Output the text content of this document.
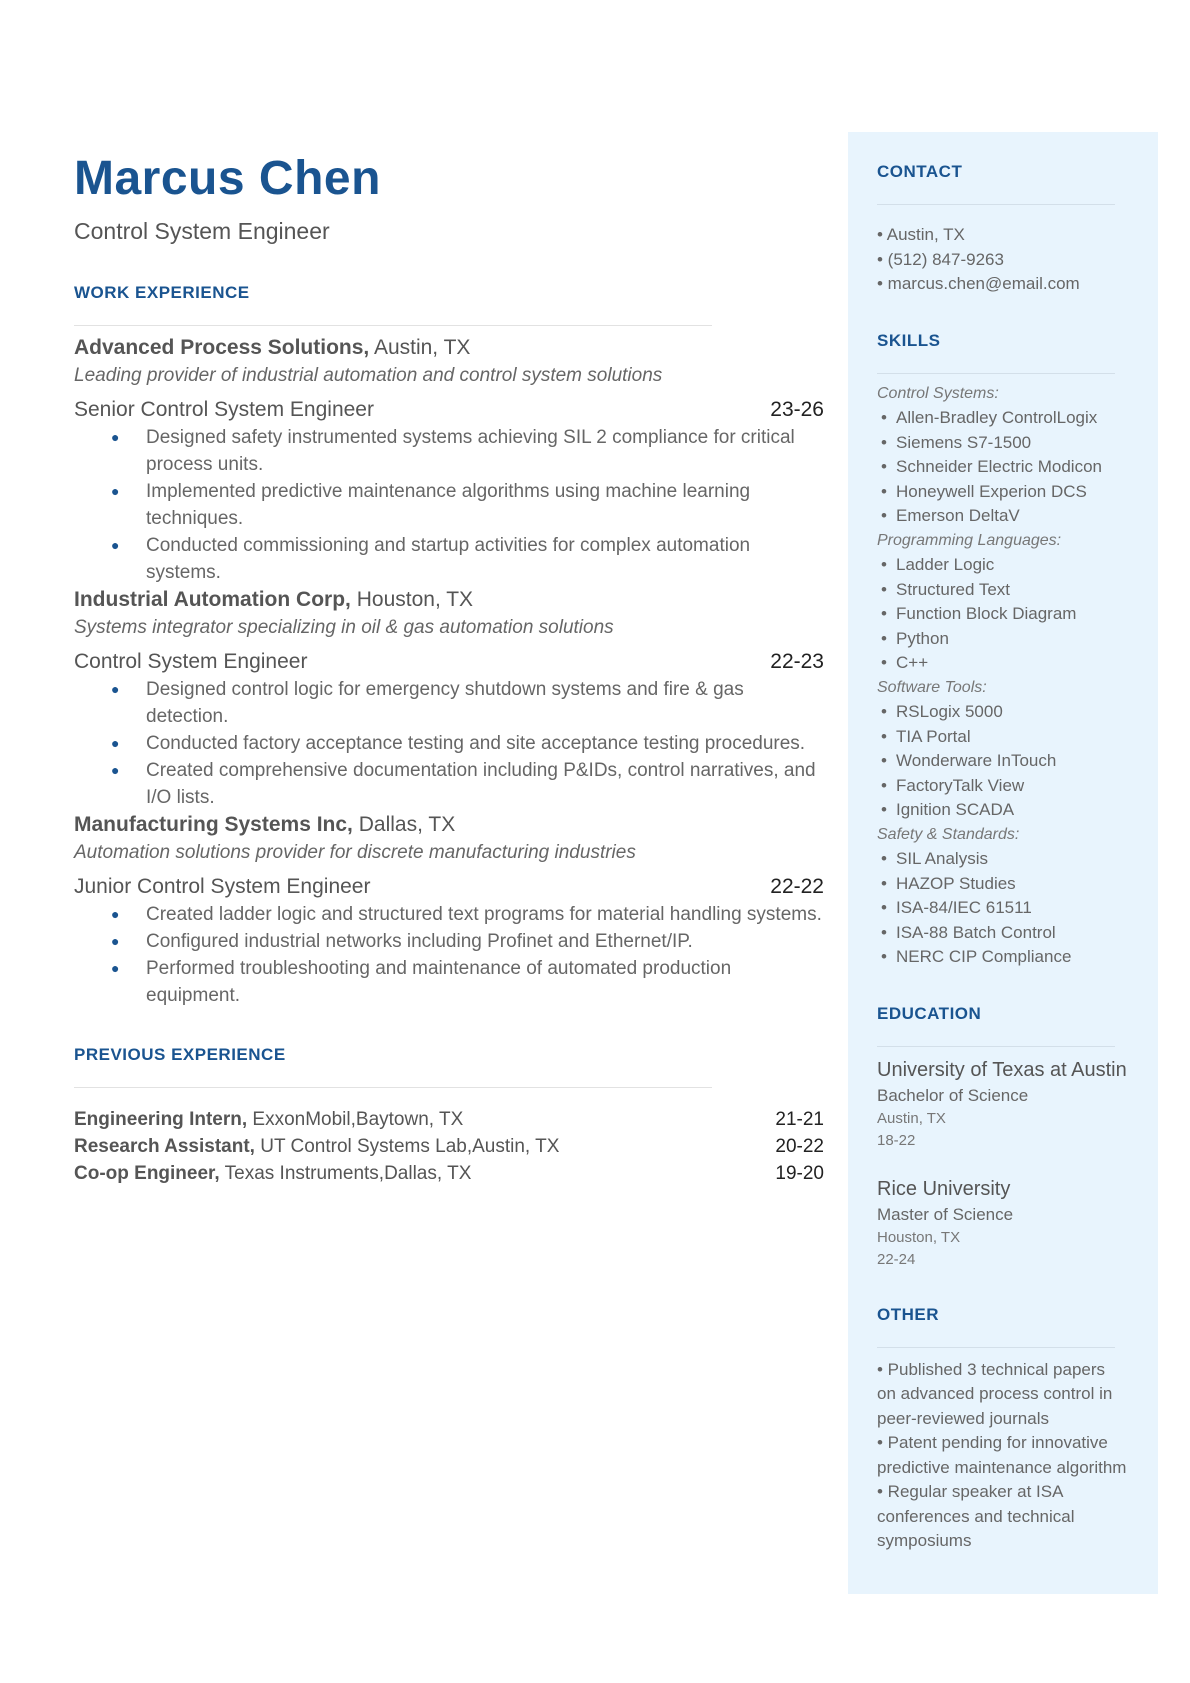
Marcus Chen
Control System Engineer
WORK EXPERIENCE
Advanced Process Solutions, Austin, TX
Leading provider of industrial automation and control system solutions
Senior Control System Engineer	23-26
● Designed safety instrumented systems achieving SIL 2 compliance for critical process units.
● Implemented predictive maintenance algorithms using machine learning techniques.
● Conducted commissioning and startup activities for complex automation systems.
Industrial Automation Corp, Houston, TX
Systems integrator specializing in oil & gas automation solutions
Control System Engineer	22-23
● Designed control logic for emergency shutdown systems and fire & gas detection.
● Conducted factory acceptance testing and site acceptance testing procedures.
● Created comprehensive documentation including P&IDs, control narratives, and I/O lists.
Manufacturing Systems Inc, Dallas, TX
Automation solutions provider for discrete manufacturing industries
Junior Control System Engineer	22-22
● Created ladder logic and structured text programs for material handling systems.
● Configured industrial networks including Profinet and Ethernet/IP.
● Performed troubleshooting and maintenance of automated production equipment.
PREVIOUS EXPERIENCE
Engineering Intern, ExxonMobil,Baytown, TX	21-21
Research Assistant, UT Control Systems Lab,Austin, TX	20-22
Co-op Engineer, Texas Instruments,Dallas, TX	19-20
CONTACT
• Austin, TX
• (512) 847-9263
• marcus.chen@email.com
SKILLS
Control Systems:
• Allen-Bradley ControlLogix
• Siemens S7-1500
• Schneider Electric Modicon
• Honeywell Experion DCS
• Emerson DeltaV
Programming Languages:
• Ladder Logic
• Structured Text
• Function Block Diagram
• Python
• C++
Software Tools:
• RSLogix 5000
• TIA Portal
• Wonderware InTouch
• FactoryTalk View
• Ignition SCADA
Safety & Standards:
• SIL Analysis
• HAZOP Studies
• ISA-84/IEC 61511
• ISA-88 Batch Control
• NERC CIP Compliance
EDUCATION
University of Texas at Austin
Bachelor of Science
Austin, TX
18-22
Rice University
Master of Science
Houston, TX
22-24
OTHER
• Published 3 technical papers on advanced process control in peer-reviewed journals
• Patent pending for innovative predictive maintenance algorithm
• Regular speaker at ISA conferences and technical symposiums
